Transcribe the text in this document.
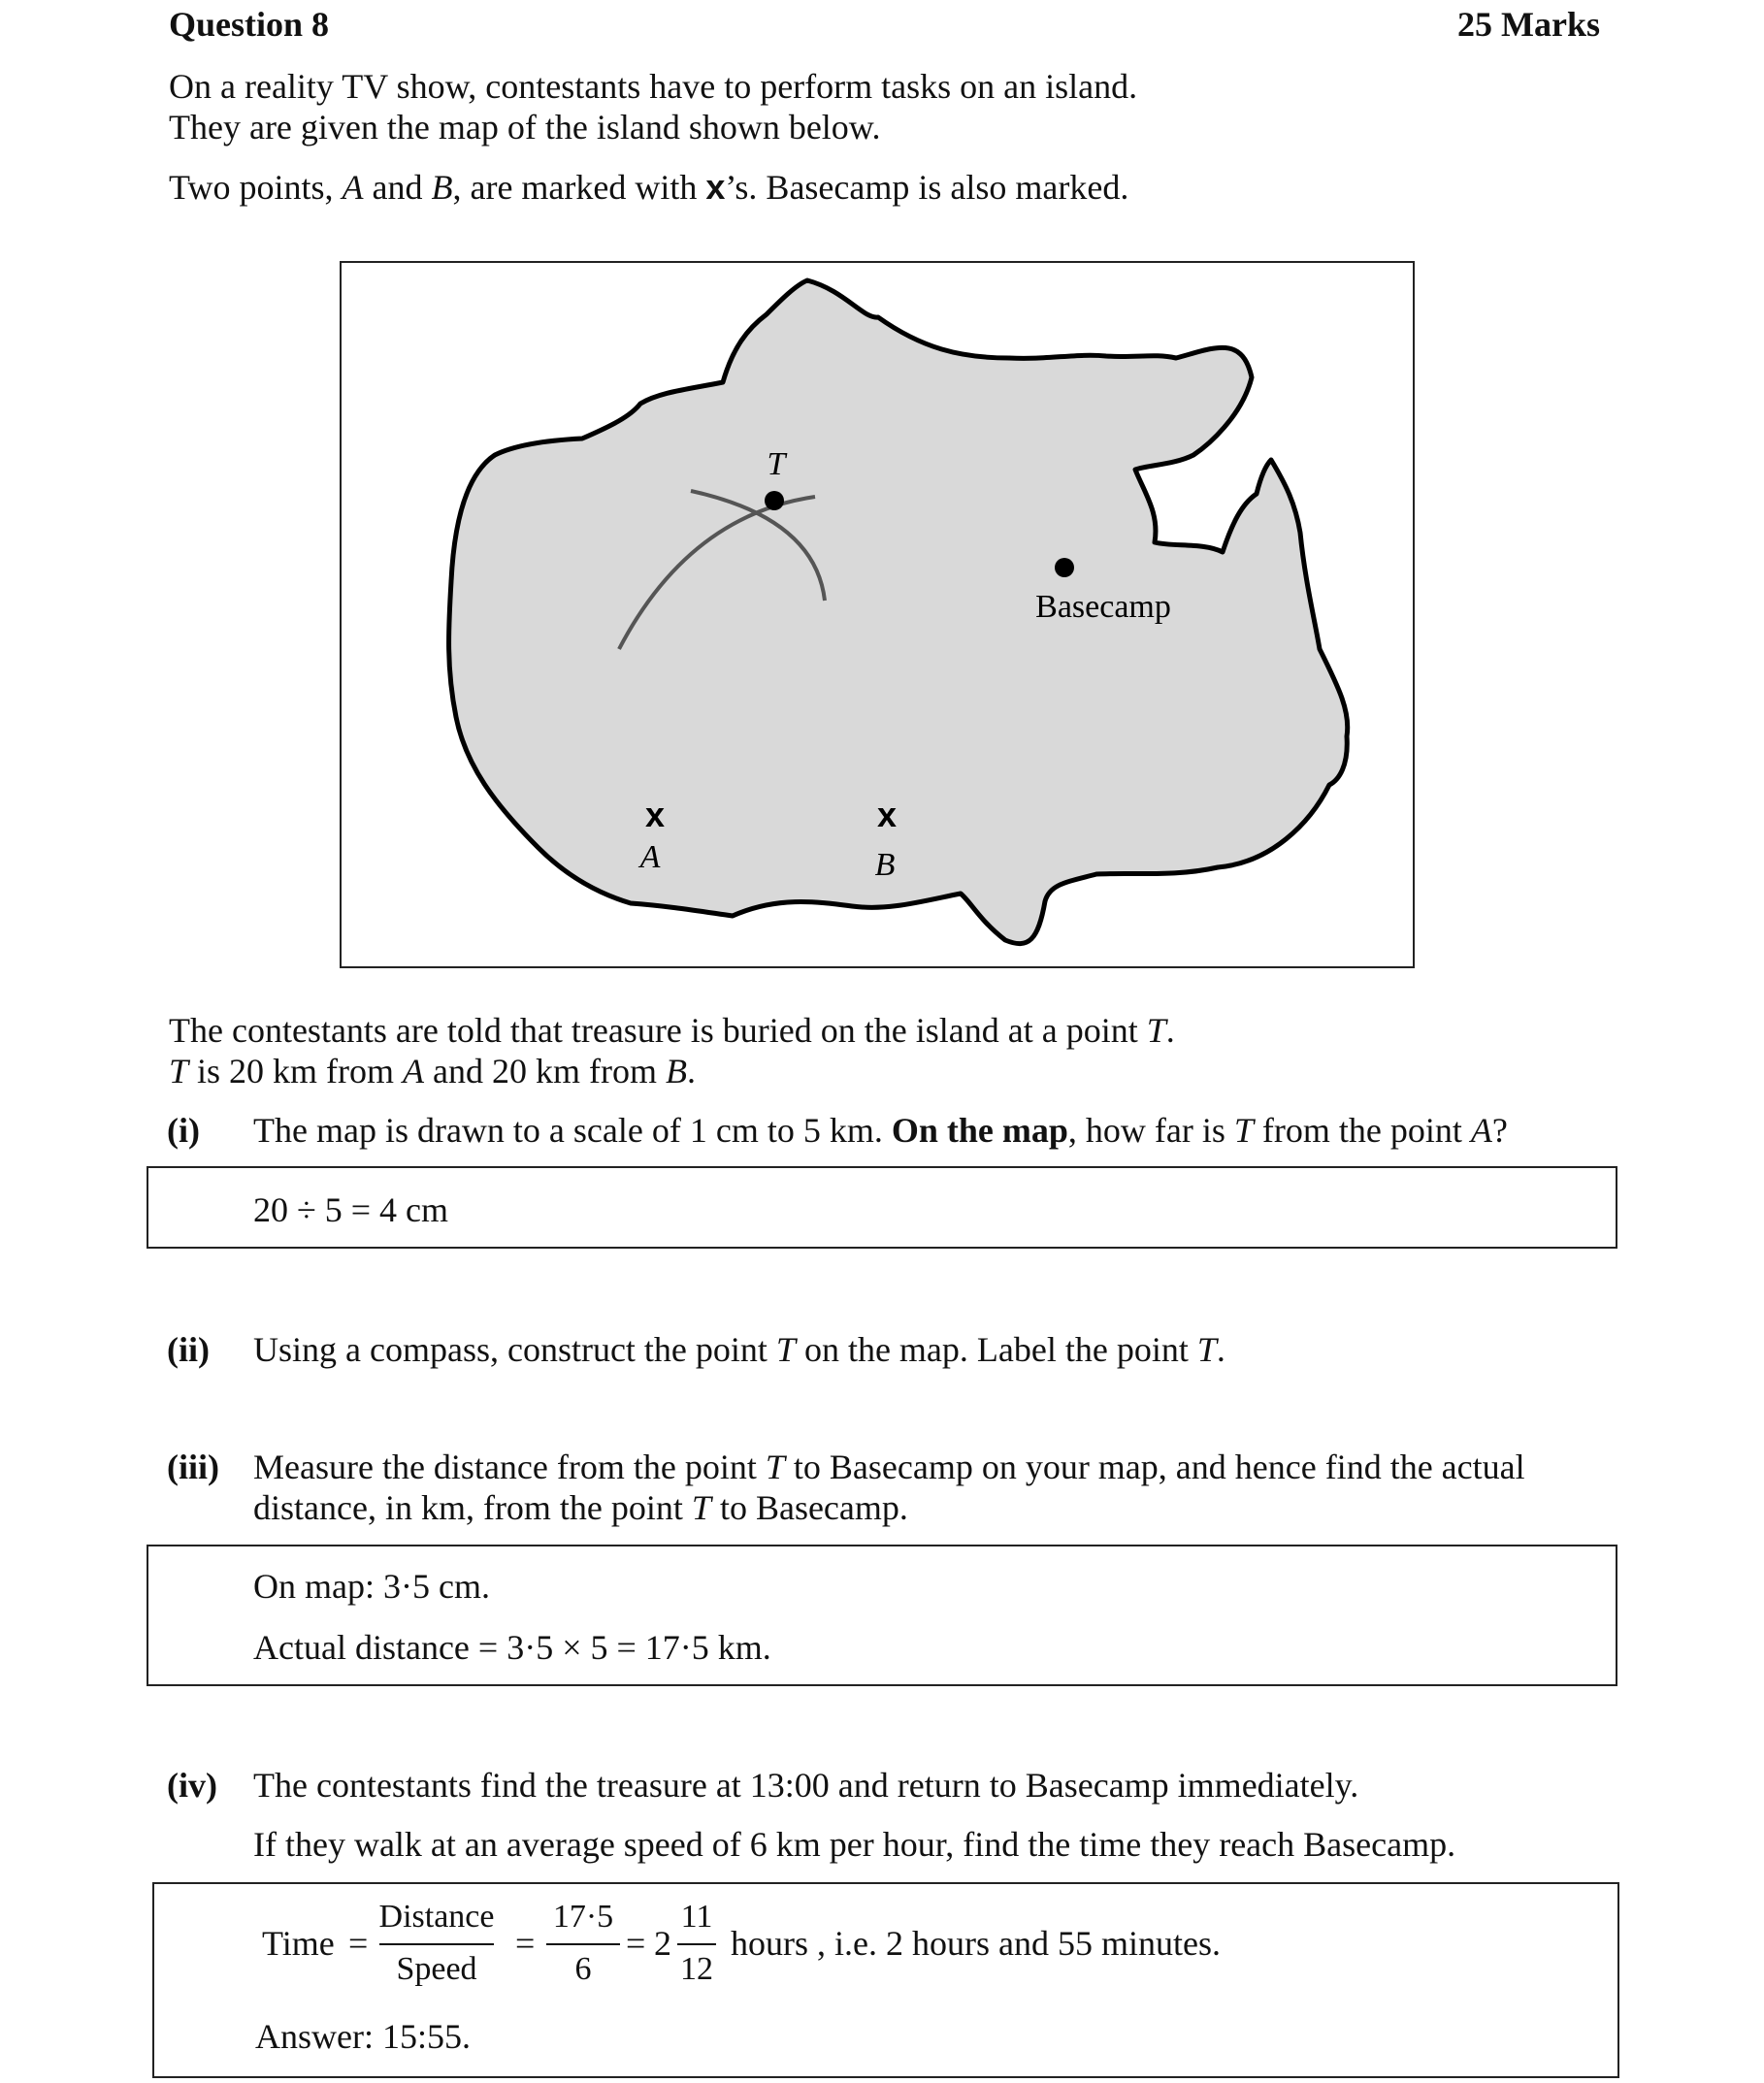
Question 8	25 Marks
On a reality TV show, contestants have to perform tasks on an island.
They are given the map of the island shown below.
Two points, A and B, are marked with x’s. Basecamp is also marked.
T
Basecamp
x
A
x
B
The contestants are told that treasure is buried on the island at a point T.
T is 20 km from A and 20 km from B.
(i) The map is drawn to a scale of 1 cm to 5 km. On the map, how far is T from the point A?
20 ÷ 5 = 4 cm
(ii) Using a compass, construct the point T on the map. Label the point T.
(iii) Measure the distance from the point T to Basecamp on your map, and hence find the actual
distance, in km, from the point T to Basecamp.
On map: 3·5 cm.
Actual distance = 3·5 × 5 = 17·5 km.
(iv) The contestants find the treasure at 13:00 and return to Basecamp immediately.
If they walk at an average speed of 6 km per hour, find the time they reach Basecamp.
Time =
Distance
Speed
=
17·5
6
= 2
11
12
hours , i.e. 2 hours and 55 minutes.
Answer: 15:55.
